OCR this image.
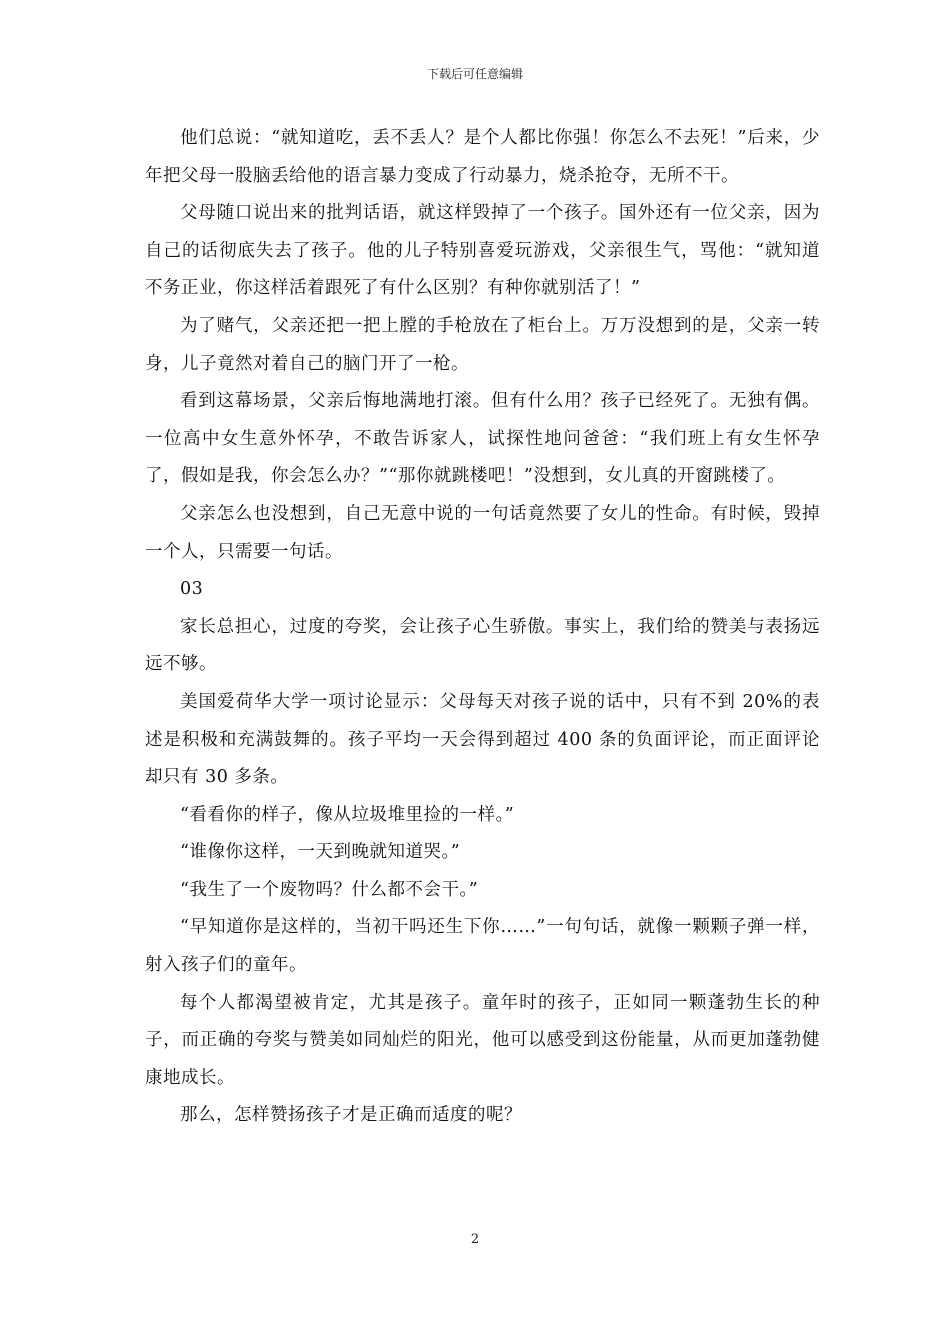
下载后可任意编辑

他们总说：“就知道吃，丢不丢人？是个人都比你强！你怎么不去死！”后来，少年把父母一股脑丢给他的语言暴力变成了行动暴力，烧杀抢夺，无所不干。

父母随口说出来的批判话语，就这样毁掉了一个孩子。国外还有一位父亲，因为自己的话彻底失去了孩子。他的儿子特别喜爱玩游戏，父亲很生气，骂他：“就知道不务正业，你这样活着跟死了有什么区别？有种你就别活了！”

为了赌气，父亲还把一把上膛的手枪放在了柜台上。万万没想到的是，父亲一转身，儿子竟然对着自己的脑门开了一枪。

看到这幕场景，父亲后悔地满地打滚。但有什么用？孩子已经死了。无独有偶。一位高中女生意外怀孕，不敢告诉家人，试探性地问爸爸：“我们班上有女生怀孕了，假如是我，你会怎么办？”“那你就跳楼吧！”没想到，女儿真的开窗跳楼了。

父亲怎么也没想到，自己无意中说的一句话竟然要了女儿的性命。有时候，毁掉一个人，只需要一句话。

03

家长总担心，过度的夸奖，会让孩子心生骄傲。事实上，我们给的赞美与表扬远远不够。

美国爱荷华大学一项讨论显示：父母每天对孩子说的话中，只有不到 20%的表述是积极和充满鼓舞的。孩子平均一天会得到超过 400 条的负面评论，而正面评论却只有 30 多条。

“看看你的样子，像从垃圾堆里捡的一样。”

“谁像你这样，一天到晚就知道哭。”

“我生了一个废物吗？什么都不会干。”

“早知道你是这样的，当初干吗还生下你……”一句句话，就像一颗颗子弹一样，射入孩子们的童年。

每个人都渴望被肯定，尤其是孩子。童年时的孩子，正如同一颗蓬勃生长的种子，而正确的夸奖与赞美如同灿烂的阳光，他可以感受到这份能量，从而更加蓬勃健康地成长。

那么，怎样赞扬孩子才是正确而适度的呢？

2
